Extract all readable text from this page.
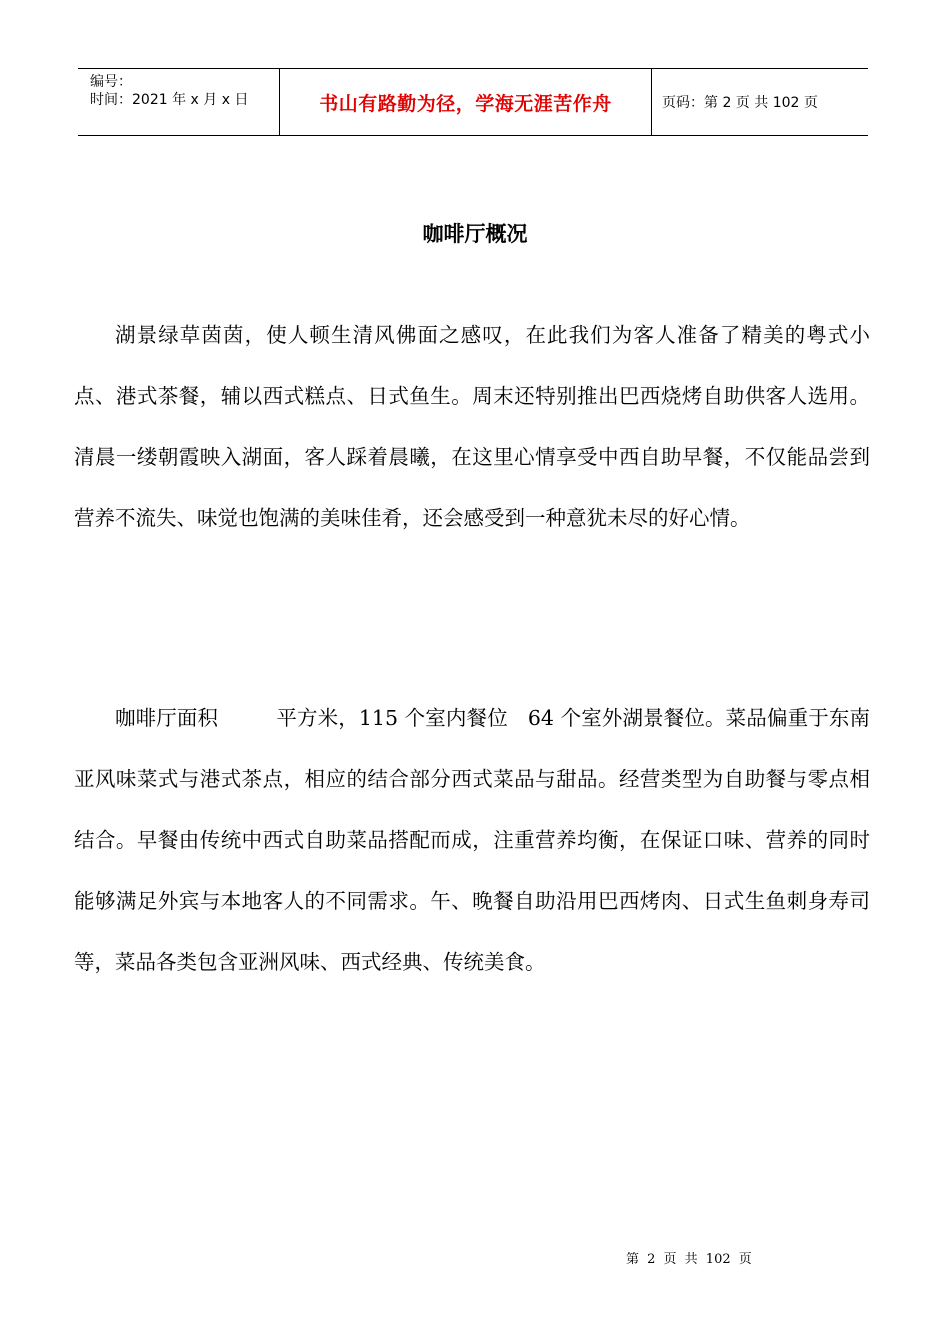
编号：
时间：2021 年 x 月 x 日	书山有路勤为径，学海无涯苦作舟	页码：第 2 页 共 102 页
咖啡厅概况

湖景绿草茵茵，使人顿生清风佛面之感叹，在此我们为客人准备了精美的粤式小点、港式茶餐，辅以西式糕点、日式鱼生。周末还特别推出巴西烧烤自助供客人选用。清晨一缕朝霞映入湖面，客人踩着晨曦，在这里心情享受中西自助早餐，不仅能品尝到营养不流失、味觉也饱满的美味佳肴，还会感受到一种意犹未尽的好心情。

咖啡厅面积	平方米，115 个室内餐位 64 个室外湖景餐位。菜品偏重于东南亚风味菜式与港式茶点，相应的结合部分西式菜品与甜品。经营类型为自助餐与零点相结合。早餐由传统中西式自助菜品搭配而成，注重营养均衡，在保证口味、营养的同时能够满足外宾与本地客人的不同需求。午、晚餐自助沿用巴西烤肉、日式生鱼刺身寿司等，菜品各类包含亚洲风味、西式经典、传统美食。

第 2 页 共 102 页
